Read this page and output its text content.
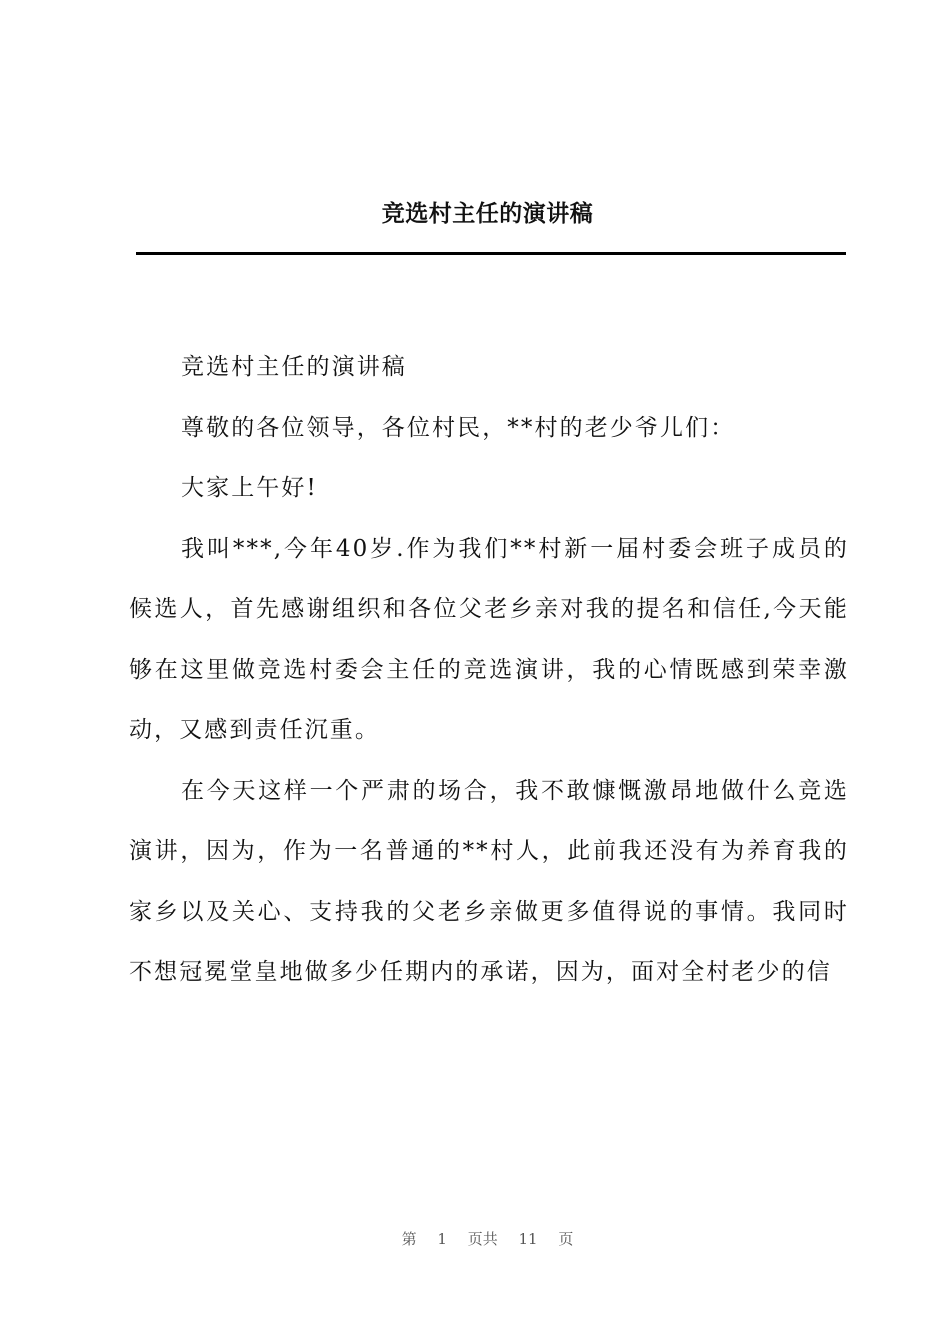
竞选村主任的演讲稿

竞选村主任的演讲稿

尊敬的各位领导，各位村民，**村的老少爷儿们：

大家上午好!

我叫***,今年40岁.作为我们**村新一届村委会班子成员的候选人，首先感谢组织和各位父老乡亲对我的提名和信任,今天能够在这里做竞选村委会主任的竞选演讲，我的心情既感到荣幸激动，又感到责任沉重。

在今天这样一个严肃的场合，我不敢慷慨激昂地做什么竞选演讲，因为，作为一名普通的**村人，此前我还没有为养育我的家乡以及关心、支持我的父老乡亲做更多值得说的事情。我同时不想冠冕堂皇地做多少任期内的承诺，因为，面对全村老少的信

第 1 页共 11 页
